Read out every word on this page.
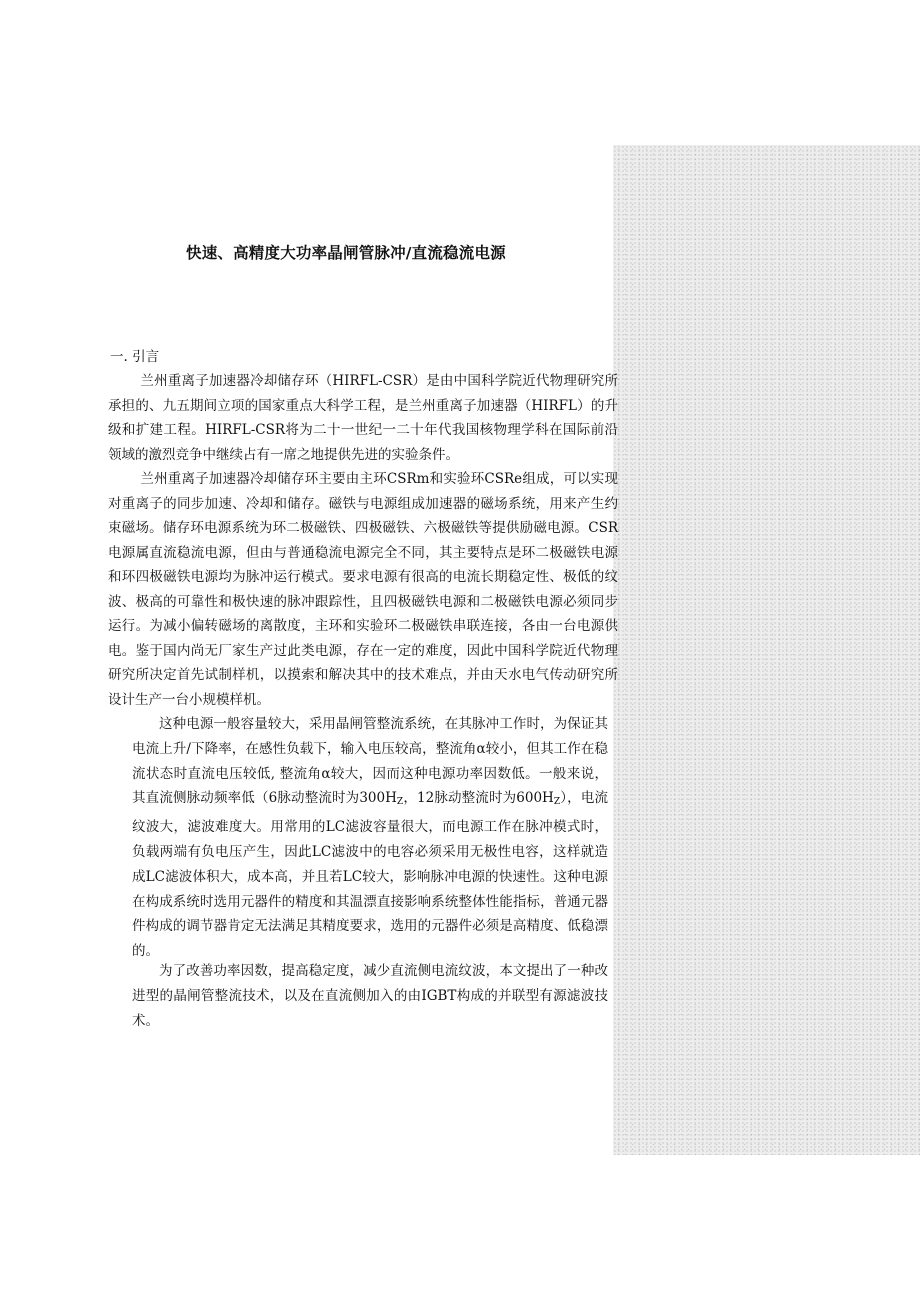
快速、高精度大功率晶闸管脉冲/直流稳流电源
一. 引言

兰州重离子加速器冷却储存环（HIRFL-CSR）是由中国科学院近代物理研究所承担的、九五期间立项的国家重点大科学工程，是兰州重离子加速器（HIRFL）的升级和扩建工程。HIRFL-CSR将为二十一世纪一二十年代我国核物理学科在国际前沿领域的激烈竞争中继续占有一席之地提供先进的实验条件。

兰州重离子加速器冷却储存环主要由主环CSRm和实验环CSRe组成，可以实现对重离子的同步加速、冷却和储存。磁铁与电源组成加速器的磁场系统，用来产生约束磁场。储存环电源系统为环二极磁铁、四极磁铁、六极磁铁等提供励磁电源。CSR电源属直流稳流电源，但由与普通稳流电源完全不同，其主要特点是环二极磁铁电源和环四极磁铁电源均为脉冲运行模式。要求电源有很高的电流长期稳定性、极低的纹波、极高的可靠性和极快速的脉冲跟踪性，且四极磁铁电源和二极磁铁电源必须同步运行。为减小偏转磁场的离散度，主环和实验环二极磁铁串联连接，各由一台电源供电。鉴于国内尚无厂家生产过此类电源，存在一定的难度，因此中国科学院近代物理研究所决定首先试制样机，以摸索和解决其中的技术难点，并由天水电气传动研究所设计生产一台小规模样机。

这种电源一般容量较大，采用晶闸管整流系统，在其脉冲工作时，为保证其电流上升/下降率，在感性负载下，输入电压较高，整流角α较小，但其工作在稳流状态时直流电压较低, 整流角α较大，因而这种电源功率因数低。一般来说，其直流侧脉动频率低（6脉动整流时为$300H_Z$，12脉动整流时为$600H_Z$），电流纹波大，滤波难度大。用常用的LC滤波容量很大，而电源工作在脉冲模式时，负载两端有负电压产生，因此LC滤波中的电容必须采用无极性电容，这样就造成LC滤波体积大，成本高，并且若LC较大，影响脉冲电源的快速性。这种电源在构成系统时选用元器件的精度和其温漂直接影响系统整体性能指标，普通元器件构成的调节器肯定无法满足其精度要求，选用的元器件必须是高精度、低稳漂的。

为了改善功率因数，提高稳定度，减少直流侧电流纹波，本文提出了一种改进型的晶闸管整流技术，以及在直流侧加入的由IGBT构成的并联型有源滤波技术。
